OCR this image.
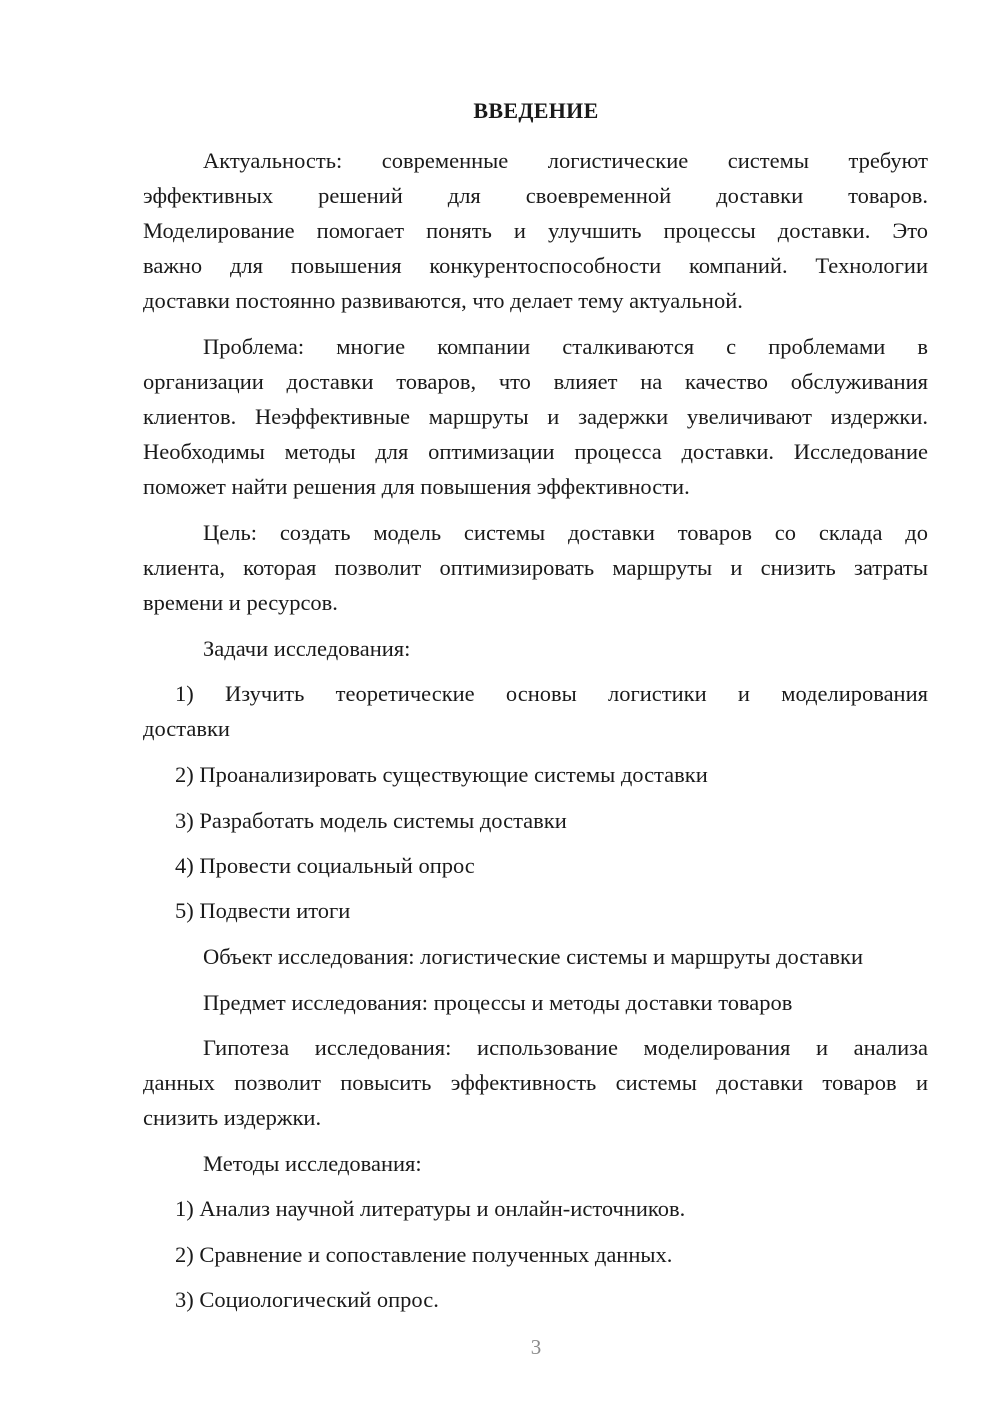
ВВЕДЕНИЕ
Актуальность: современные логистические системы требуют
эффективных решений для своевременной доставки товаров.
Моделирование помогает понять и улучшить процессы доставки. Это
важно для повышения конкурентоспособности компаний. Технологии
доставки постоянно развиваются, что делает тему актуальной.
Проблема: многие компании сталкиваются с проблемами в
организации доставки товаров, что влияет на качество обслуживания
клиентов. Неэффективные маршруты и задержки увеличивают издержки.
Необходимы методы для оптимизации процесса доставки. Исследование
поможет найти решения для повышения эффективности.
Цель: создать модель системы доставки товаров со склада до
клиента, которая позволит оптимизировать маршруты и снизить затраты
времени и ресурсов.
Задачи исследования:
1) Изучить теоретические основы логистики и моделирования
доставки
2) Проанализировать существующие системы доставки
3) Разработать модель системы доставки
4) Провести социальный опрос
5) Подвести итоги
Объект исследования: логистические системы и маршруты доставки
Предмет исследования: процессы и методы доставки товаров
Гипотеза исследования: использование моделирования и анализа
данных позволит повысить эффективность системы доставки товаров и
снизить издержки.
Методы исследования:
1) Анализ научной литературы и онлайн-источников.
2) Сравнение и сопоставление полученных данных.
3) Социологический опрос.
3
